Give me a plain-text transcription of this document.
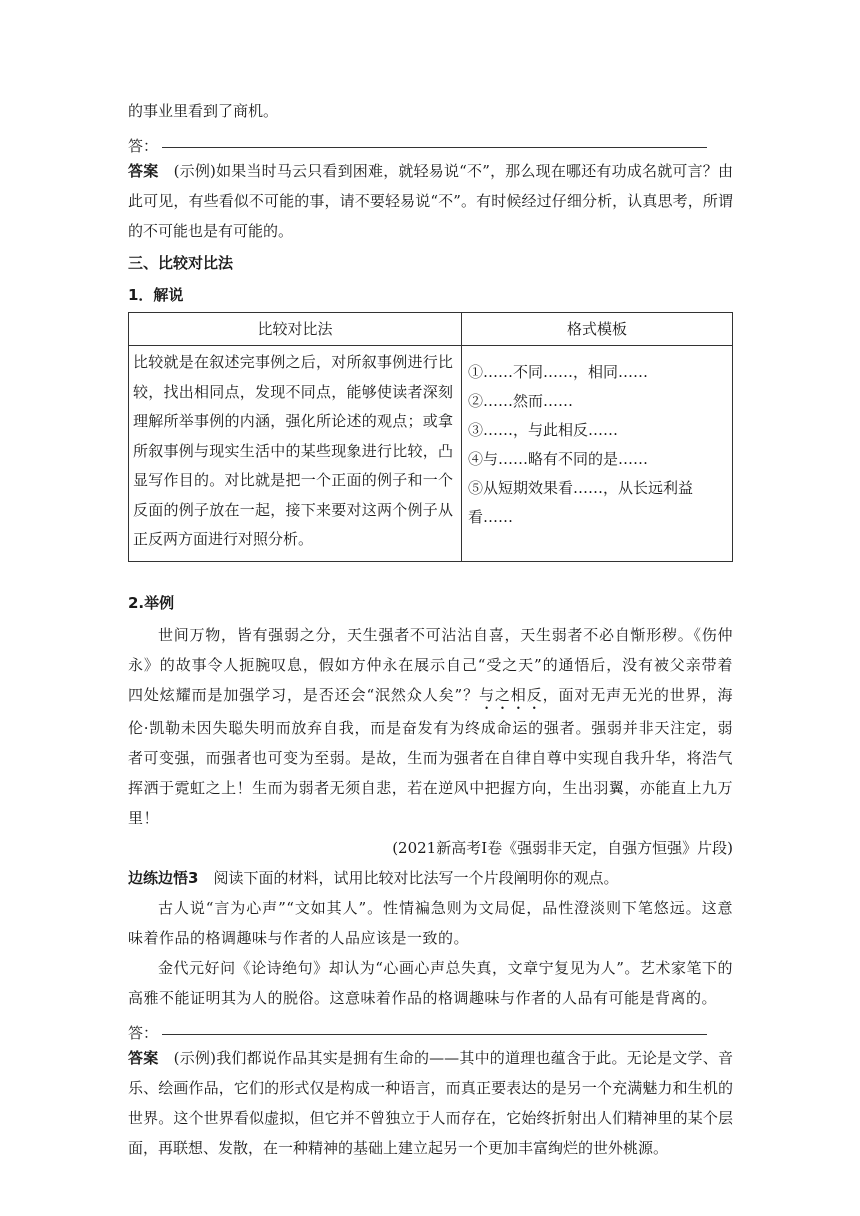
的事业里看到了商机。

答：

答案　 (示例)如果当时马云只看到困难，就轻易说“不”，那么现在哪还有功成名就可言？由此可见，有些看似不可能的事，请不要轻易说“不”。有时候经过仔细分析，认真思考，所谓的不可能也是有可能的。

三、比较对比法
1．解说
比较对比法	格式模板
比较就是在叙述完事例之后，对所叙事例进行比较，找出相同点，发现不同点，能够使读者深刻理解所举事例的内涵，强化所论述的观点；或拿所叙事例与现实生活中的某些现象进行比较，凸显写作目的。对比就是把一个正面的例子和一个反面的例子放在一起，接下来要对这两个例子从正反两方面进行对照分析。	①……不同……，相同……
②……然而……
③……，与此相反……
④与……略有不同的是……
⑤从短期效果看……，从长远利益看……
2.举例

世间万物，皆有强弱之分，天生强者不可沾沾自喜，天生弱者不必自惭形秽。《伤仲永》的故事令人扼腕叹息，假如方仲永在展示自己“受之天”的通悟后，没有被父亲带着四处炫耀而是加强学习，是否还会“泯然众人矣”？与之相反，面对无声无光的世界，海伦·凯勒未因失聪失明而放弃自我，而是奋发有为终成命运的强者。强弱并非天注定，弱者可变强，而强者也可变为至弱。是故，生而为强者在自律自尊中实现自我升华，将浩气挥洒于霓虹之上！生而为弱者无须自悲，若在逆风中把握方向，生出羽翼，亦能直上九万里！

(2021新高考Ⅰ卷《强弱非天定，自强方恒强》片段)

边练边悟3　 阅读下面的材料，试用比较对比法写一个片段阐明你的观点。

古人说“言为心声”“文如其人”。性情褊急则为文局促，品性澄淡则下笔悠远。这意味着作品的格调趣味与作者的人品应该是一致的。

金代元好问《论诗绝句》却认为“心画心声总失真，文章宁复见为人”。艺术家笔下的高雅不能证明其为人的脱俗。这意味着作品的格调趣味与作者的人品有可能是背离的。

答：

答案　 (示例)我们都说作品其实是拥有生命的——其中的道理也蕴含于此。无论是文学、音乐、绘画作品，它们的形式仅是构成一种语言，而真正要表达的是另一个充满魅力和生机的世界。这个世界看似虚拟，但它并不曾独立于人而存在，它始终折射出人们精神里的某个层面，再联想、发散，在一种精神的基础上建立起另一个更加丰富绚烂的世外桃源。
